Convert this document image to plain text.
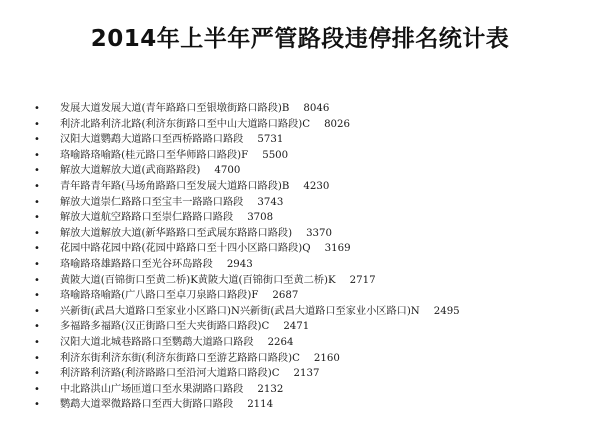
2014年上半年严管路段违停排名统计表
• 发展大道发展大道(青年路路口至银墩街路口路段)B 8046
• 利济北路利济北路(利济东街路口至中山大道路口路段)C 8026
• 汉阳大道鹦鹉大道路口至西桥路路口路段 5731
• 珞喻路珞喻路(桂元路口至华师路口路段)F 5500
• 解放大道解放大道(武商路路段) 4700
• 青年路青年路(马场角路路口至发展大道路口路段)B 4230
• 解放大道崇仁路路口至宝丰一路路口路段 3743
• 解放大道航空路路口至崇仁路路口路段 3708
• 解放大道解放大道(新华路路口至武展东路路口路段) 3370
• 花园中路花园中路(花园中路路口至十四小区路口路段)Q 3169
• 珞喻路珞雄路路口至光谷环岛路段 2943
• 黄陂大道(百锦街口至黄二桥)K黄陂大道(百锦街口至黄二桥)K 2717
• 珞喻路珞喻路(广八路口至卓刀泉路口路段)F 2687
• 兴新街(武昌大道路口至家业小区路口)N兴新街(武昌大道路口至家业小区路口)N 2495
• 多福路多福路(汉正街路口至大夹街路口路段)C 2471
• 汉阳大道北城巷路路口至鹦鹉大道路口路段 2264
• 利济东街利济东街(利济东街路口至游艺路路口路段)C 2160
• 利济路利济路(利济路路口至沿河大道路口路段)C 2137
• 中北路洪山广场匝道口至水果湖路口路段 2132
• 鹦鹉大道翠微路路口至西大街路口路段 2114
